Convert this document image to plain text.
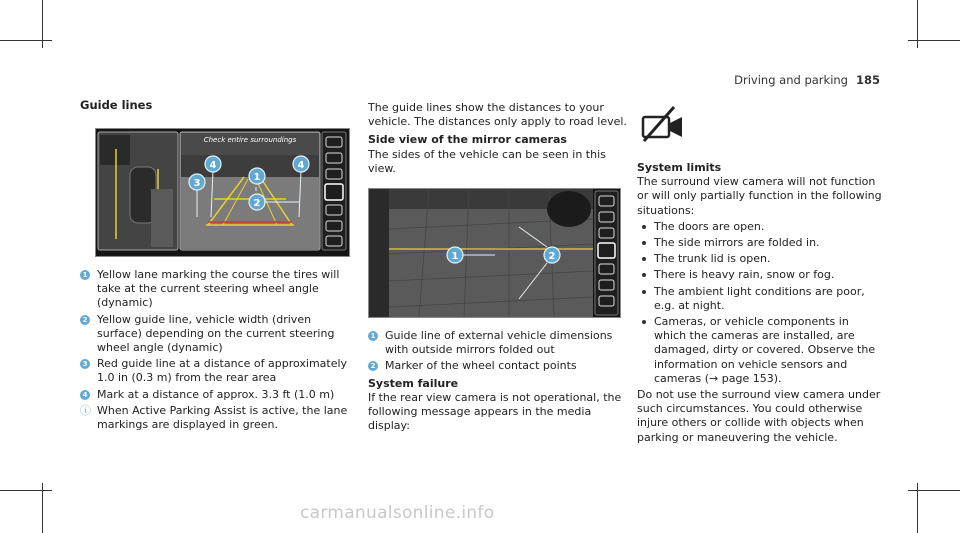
Driving and parking 185
Guide lines
Check entire surroundings
1
2
3
4	4
1 Yellow lane marking the course the tires will take at the current steering wheel angle (dynamic)
2 Yellow guide line, vehicle width (driven surface) depending on the current steering wheel angle (dynamic)
3 Red guide line at a distance of approximately 1.0 in (0.3 m) from the rear area
4 Mark at a distance of approx. 3.3 ft (1.0 m)
ⓘ When Active Parking Assist is active, the lane markings are displayed in green.
The guide lines show the distances to your vehicle. The distances only apply to road level.
Side view of the mirror cameras
The sides of the vehicle can be seen in this view.
1	2
1 Guide line of external vehicle dimensions with outside mirrors folded out
2 Marker of the wheel contact points
System failure
If the rear view camera is not operational, the following message appears in the media display:
System limits
The surround view camera will not function or will only partially function in the following situations:
The doors are open.
The side mirrors are folded in.
The trunk lid is open.
There is heavy rain, snow or fog.
The ambient light conditions are poor, e.g. at night.
Cameras, or vehicle components in which the cameras are installed, are damaged, dirty or covered. Observe the information on vehicle sensors and cameras (→ page 153).
Do not use the surround view camera under such circumstances. You could otherwise injure others or collide with objects when parking or maneuvering the vehicle.
carmanualsonline.info
